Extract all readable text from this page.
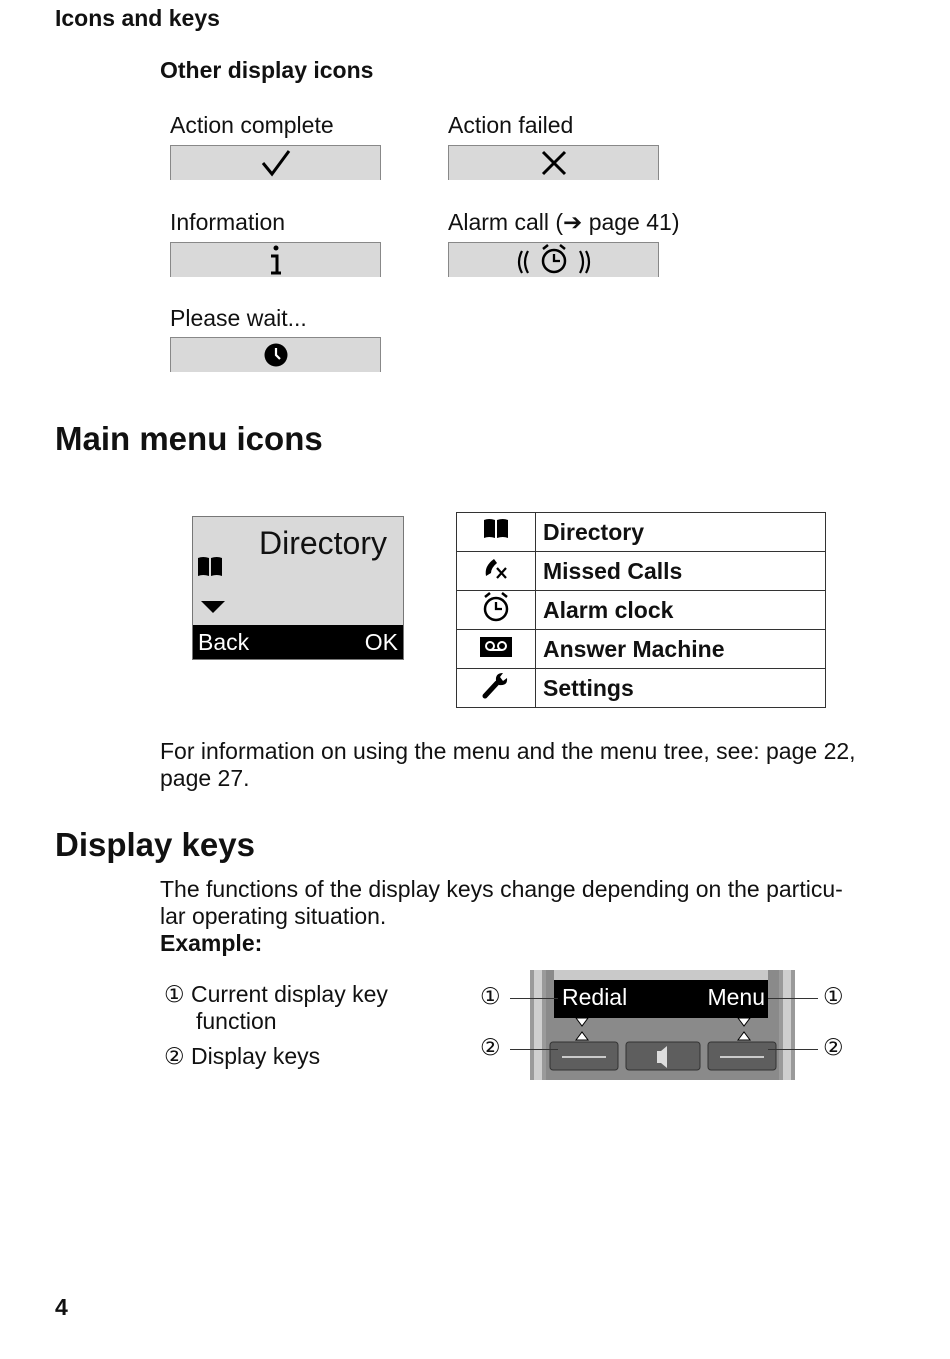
Icons and keys
Other display icons
Action complete	Action failed
Information	Alarm call (➔ page 41)
Please wait...
Main menu icons
Directory
Back	OK
	Directory
	Missed Calls
	Alarm clock
	Answer Machine
	Settings
For information on using the menu and the menu tree, see: page 22,
page 27.
Display keys
The functions of the display keys change depending on the particu-
lar operating situation.
Example:
① Current display key
function
② Display keys
Redial	Menu
①
②
①
②
4
